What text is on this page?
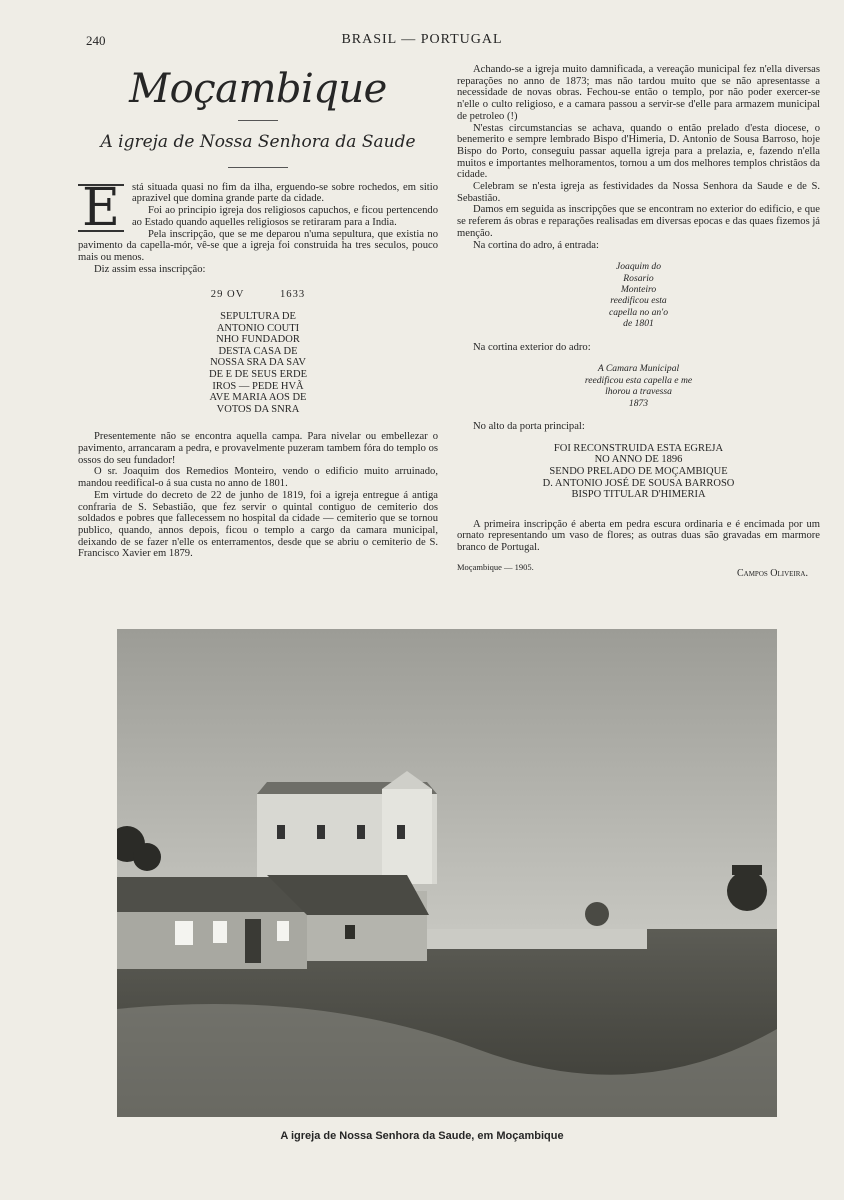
240	BRASIL — PORTUGAL
Moçambique
A igreja de Nossa Senhora da Saude

E	stá situada quasi no fim da ilha, erguendo-se sobre rochedos, em sitio aprazivel que domina grande parte da cidade.

Foi ao principio igreja dos religiosos capuchos, e ficou pertencendo ao Estado quando aquelles religiosos se retiraram para a India.

Pela inscripção, que se me deparou n'uma sepultura, que existia no pavimento da capella-mór, vê-se que a igreja foi construida ha tres seculos, pouco mais ou menos.

Diz assim essa inscripção:

29 OV	1633
SEPULTURA DE
ANTONIO COUTI
NHO FUNDADOR
DESTA CASA DE
NOSSA SRA DA SAV
DE E DE SEUS ERDE
IROS — PEDE HVÃ
AVE MARIA AOS DE
VOTOS DA SNRA

Presentemente não se encontra aquella campa. Para nivelar ou embellezar o pavimento, arrancaram a pedra, e provavelmente puzeram tambem fóra do templo os ossos do seu fundador!

O sr. Joaquim dos Remedios Monteiro, vendo o edificio muito arruinado, mandou reedifical-o á sua custa no anno de 1801.

Em virtude do decreto de 22 de junho de 1819, foi a igreja entregue á antiga confraria de S. Sebastião, que fez servir o quintal contiguo de cemiterio dos soldados e pobres que fallecessem no hospital da cidade — cemiterio que se tornou publico, quando, annos depois, ficou o templo a cargo da camara municipal, deixando de se fazer n'elle os enterramentos, desde que se abriu o cemiterio de S. Francisco Xavier em 1879.

Achando-se a igreja muito damnificada, a vereação municipal fez n'ella diversas reparações no anno de 1873; mas não tardou muito que se não apresentasse a necessidade de novas obras. Fechou-se então o templo, por não poder exercer-se n'elle o culto religioso, e a camara passou a servir-se d'elle para armazem municipal de petroleo (!)

N'estas circumstancias se achava, quando o então prelado d'esta diocese, o benemerito e sempre lembrado Bispo d'Himeria, D. Antonio de Sousa Barroso, hoje Bispo do Porto, conseguiu passar aquella igreja para a prelazia, e, fazendo n'ella muitos e importantes melhoramentos, tornou a um dos melhores templos christãos da cidade.

Celebram se n'esta igreja as festividades da Nossa Senhora da Saude e de S. Sebastião.

Damos em seguida as inscripções que se encontram no exterior do edificio, e que se referem ás obras e reparações realisadas em diversas epocas e das quaes fizemos já menção.

Na cortina do adro, á entrada:

Joaquim do
Rosario
Monteiro
reedificou esta
capella no an'o
de 1801

Na cortina exterior do adro:

A Camara Municipal
reedificou esta capella e me
lhorou a travessa
1873

No alto da porta principal:

FOI RECONSTRUIDA ESTA EGREJA
NO ANNO DE 1896
SENDO PRELADO DE MOÇAMBIQUE
D. ANTONIO JOSÉ DE SOUSA BARROSO
BISPO TITULAR D'HIMERIA

A primeira inscripção é aberta em pedra escura ordinaria e é encimada por um ornato representando um vaso de flores; as outras duas são gravadas em marmore branco de Portugal.

Moçambique — 1905.
Campos Oliveira.
A igreja de Nossa Senhora da Saude, em Moçambique
